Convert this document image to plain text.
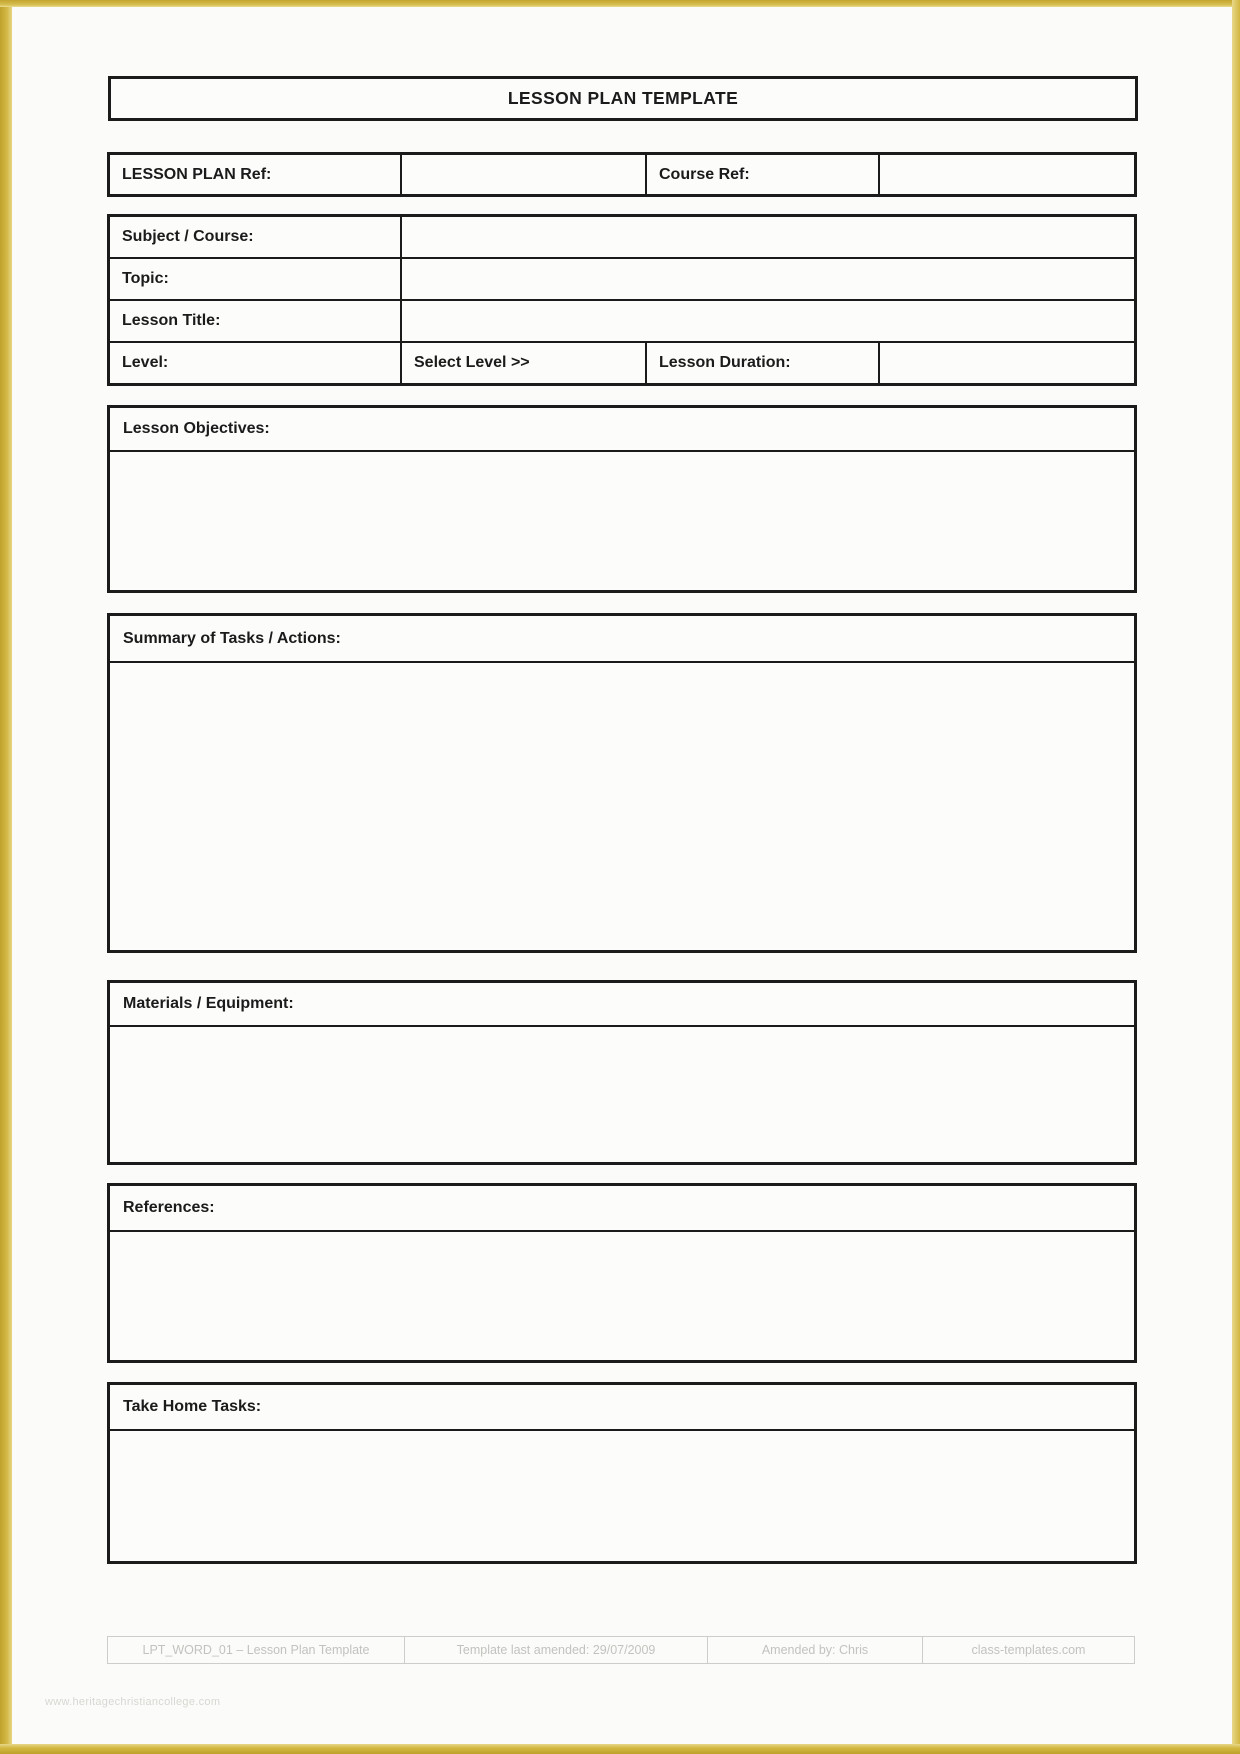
LESSON PLAN TEMPLATE
LESSON PLAN Ref:	Course Ref:
Subject / Course:
Topic:
Lesson Title:
Level:	Select Level >>	Lesson Duration:
Lesson Objectives:
Summary of Tasks / Actions:
Materials / Equipment:
References:
Take Home Tasks:
LPT_WORD_01 – Lesson Plan Template	Template last amended: 29/07/2009	Amended by: Chris	class-templates.com
www.heritagechristiancollege.com
